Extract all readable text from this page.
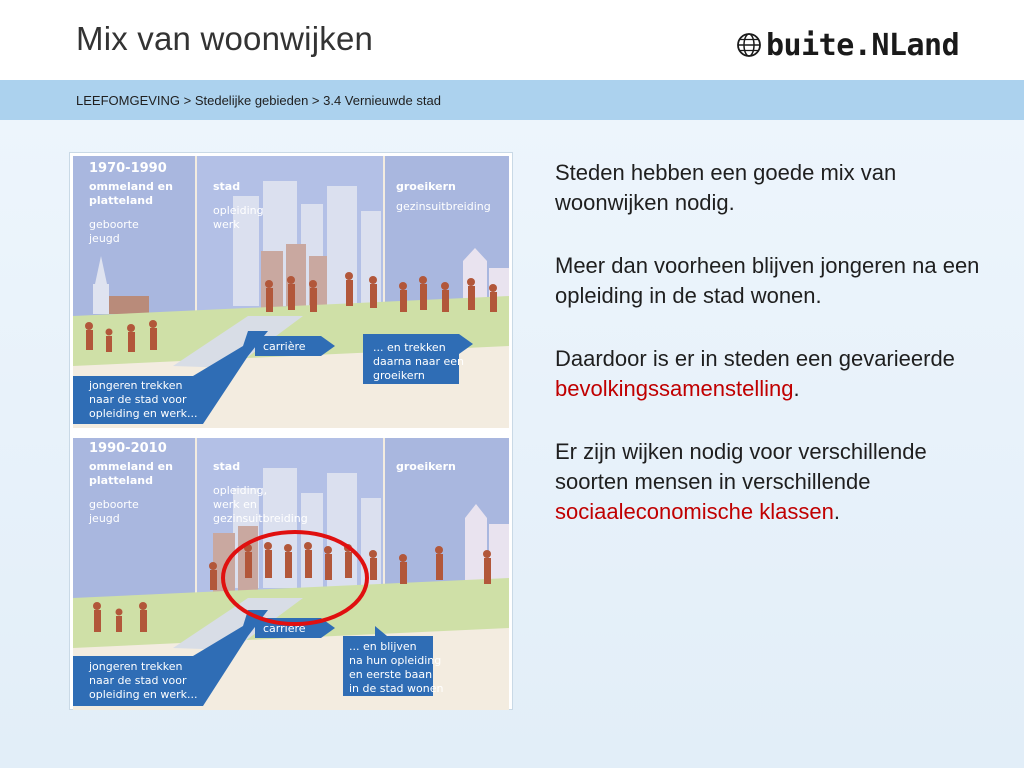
Mix van woonwijken	buite.NLand
LEEFOMGEVING > Stedelijke gebieden > 3.4 Vernieuwde stad
1970-1990
ommeland en
platteland
geboorte
jeugd
stad
opleiding
werk
groeikern
gezinsuitbreiding
carrière
jongeren trekken
naar de stad voor
opleiding en werk...
... en trekken
daarna naar een
groeikern
1990-2010
ommeland en
platteland
geboorte
jeugd
stad
opleiding,
werk en
gezinsuitbreiding
groeikern
carrière
jongeren trekken
naar de stad voor
opleiding en werk...
... en blijven
na hun opleiding
en eerste baan
in de stad wonen

Steden hebben een goede mix van woonwijken nodig.

Meer dan voorheen blijven jongeren na een opleiding in de stad wonen.

Daardoor is er in steden een gevarieerde bevolkingssamenstelling.

Er zijn wijken nodig voor verschillende soorten mensen in verschillende sociaaleconomische klassen.
